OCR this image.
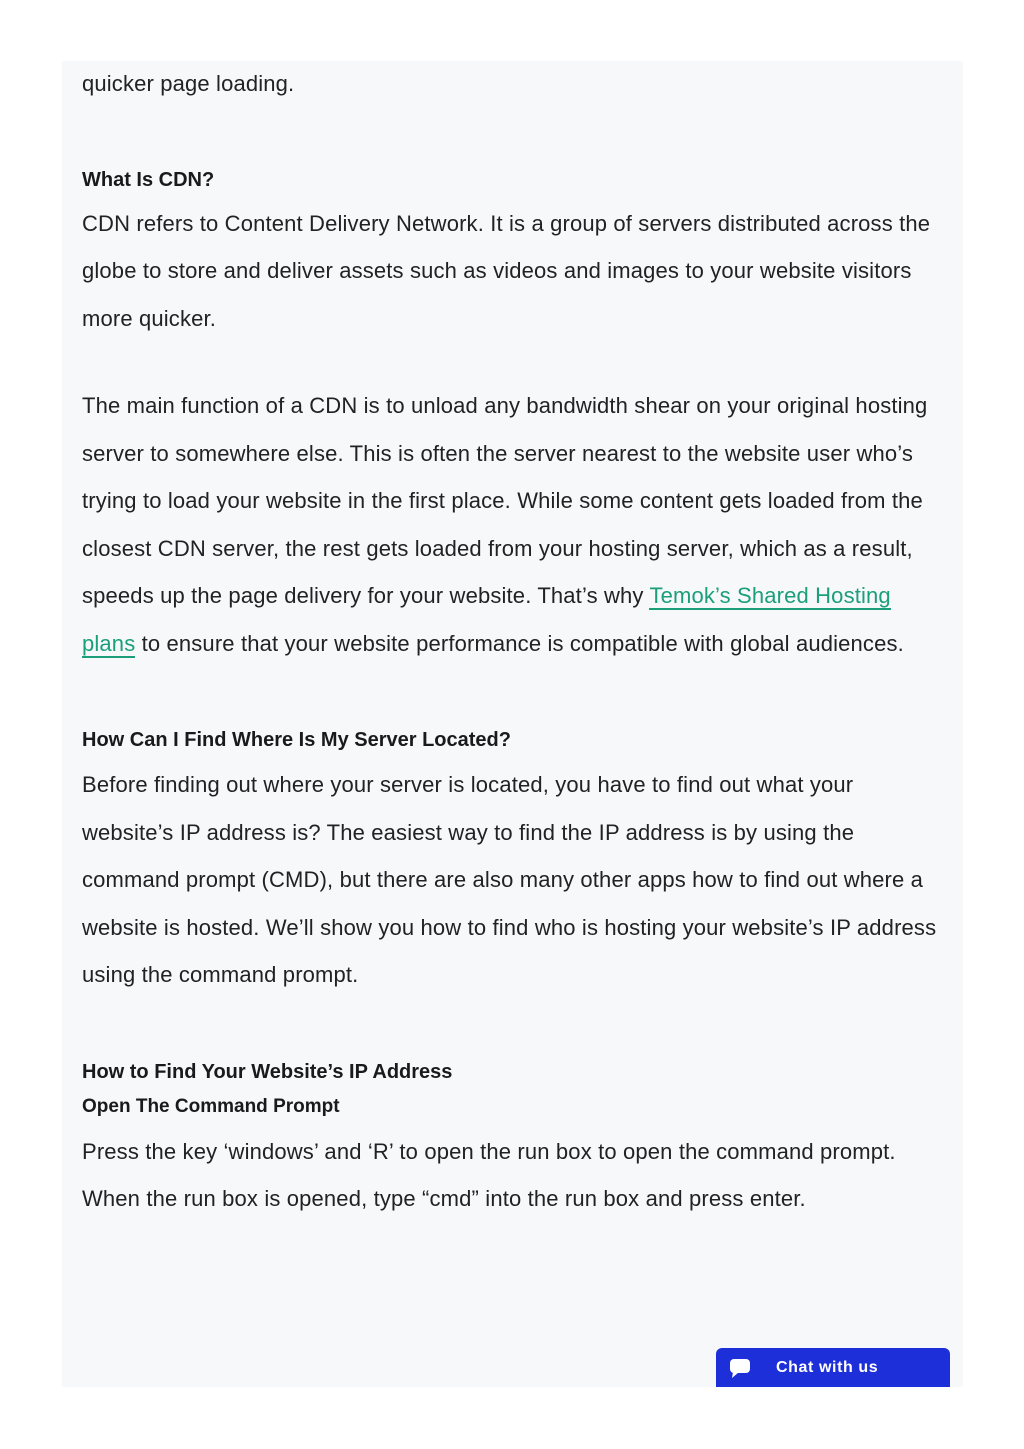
quicker page loading.

What Is CDN?

CDN refers to Content Delivery Network. It is a group of servers distributed across the globe to store and deliver assets such as videos and images to your website visitors more quicker.

The main function of a CDN is to unload any bandwidth shear on your original hosting server to somewhere else. This is often the server nearest to the website user who’s trying to load your website in the first place. While some content gets loaded from the closest CDN server, the rest gets loaded from your hosting server, which as a result, speeds up the page delivery for your website. That’s why Temok’s Shared Hosting plans to ensure that your website performance is compatible with global audiences.

How Can I Find Where Is My Server Located?

Before finding out where your server is located, you have to find out what your website’s IP address is? The easiest way to find the IP address is by using the command prompt (CMD), but there are also many other apps how to find out where a website is hosted. We’ll show you how to find who is hosting your website’s IP address using the command prompt.

How to Find Your Website’s IP Address
Open The Command Prompt

Press the key ‘windows’ and ‘R’ to open the run box to open the command prompt. When the run box is opened, type “cmd” into the run box and press enter.

Chat with us
